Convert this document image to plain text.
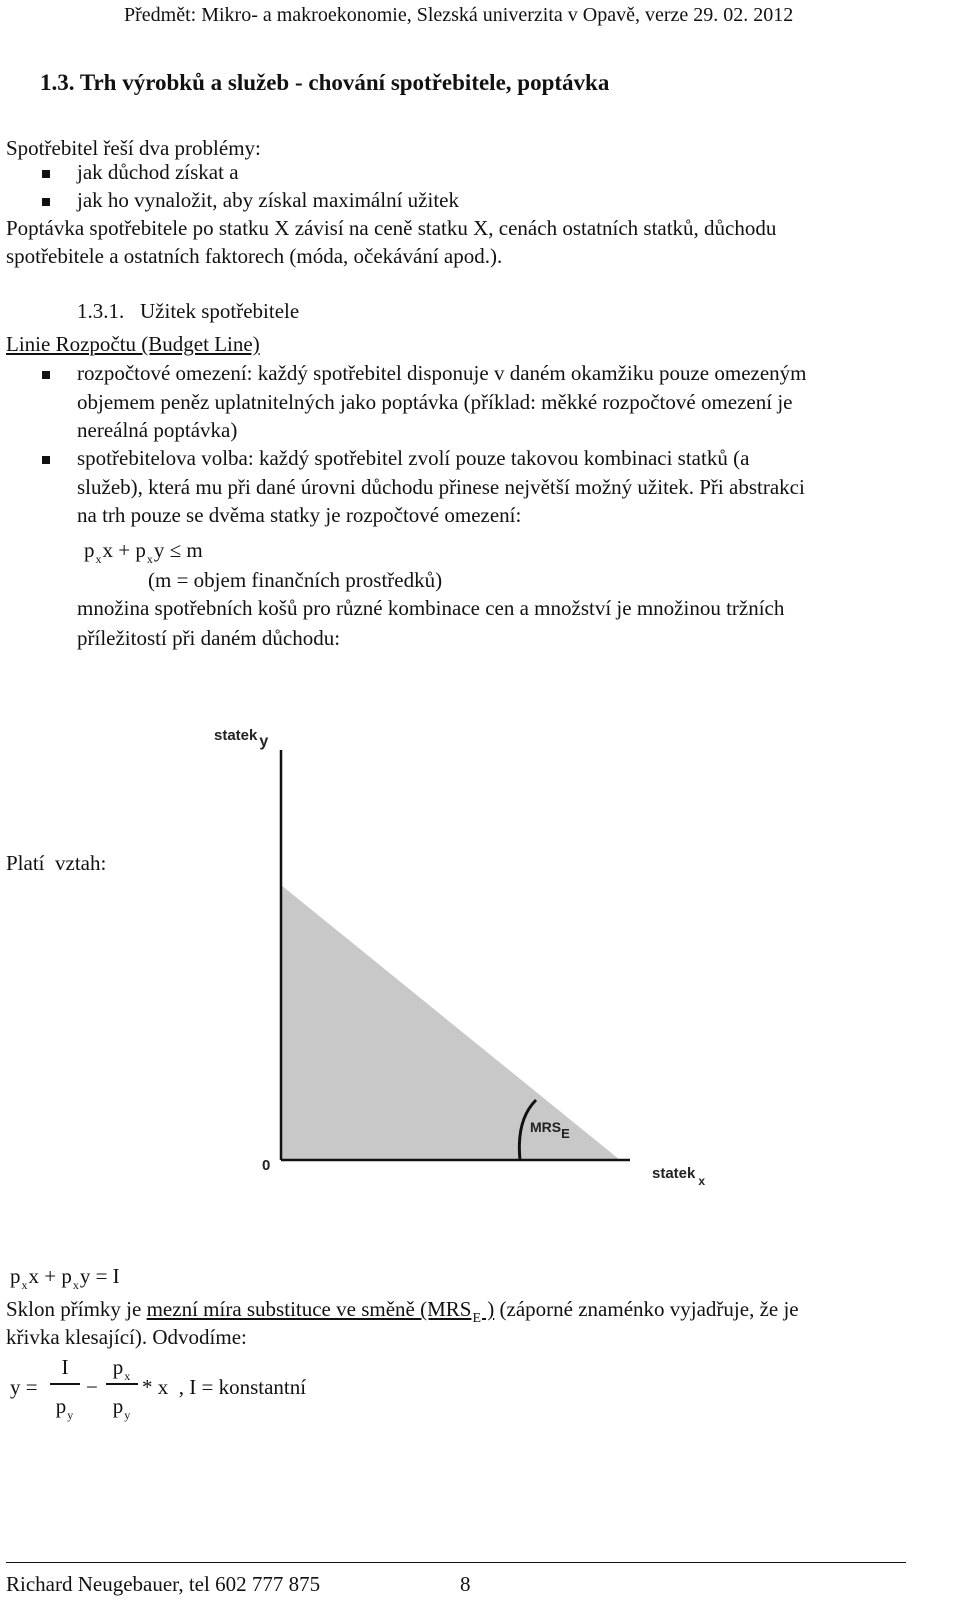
Předmět: Mikro- a makroekonomie, Slezská univerzita v Opavě, verze 29. 02. 2012
1.3. Trh výrobků a služeb - chování spotřebitele, poptávka
Spotřebitel řeší dva problémy:
jak důchod získat a
jak ho vynaložit, aby získal maximální užitek
Poptávka spotřebitele po statku X závisí na ceně statku X, cenách ostatních statků, důchodu
spotřebitele a ostatních faktorech (móda, očekávání apod.).
1.3.1.   Užitek spotřebitele
Linie Rozpočtu (Budget Line)
rozpočtové omezení: každý spotřebitel disponuje v daném okamžiku pouze omezeným
objemem peněz uplatnitelných jako poptávka (příklad: měkké rozpočtové omezení je
nereálná poptávka)
spotřebitelova volba: každý spotřebitel zvolí pouze takovou kombinaci statků (a
služeb), která mu při dané úrovni důchodu přinese největší možný užitek. Při abstrakci
na trh pouze se dvěma statky je rozpočtové omezení:
$p_xx + p_xy \le m$
(m = objem finančních prostředků)
množina spotřebních košů pro různé kombinace cen a množství je množinou tržních
příležitostí při daném důchodu:
statek y
0	statek $_x$
MRSE
Platí  vztah:
$p_xx + p_xy = I$
Sklon přímky je mezní míra substituce ve směně ($MRS_E$ ) (záporné znaménko vyjadřuje, že je
křivka klesající). Odvodíme:
y =
I
$p_y$
−
$p_x$
$p_y$
* x  , I = konstantní
Richard Neugebauer, tel 602 777 875	8
